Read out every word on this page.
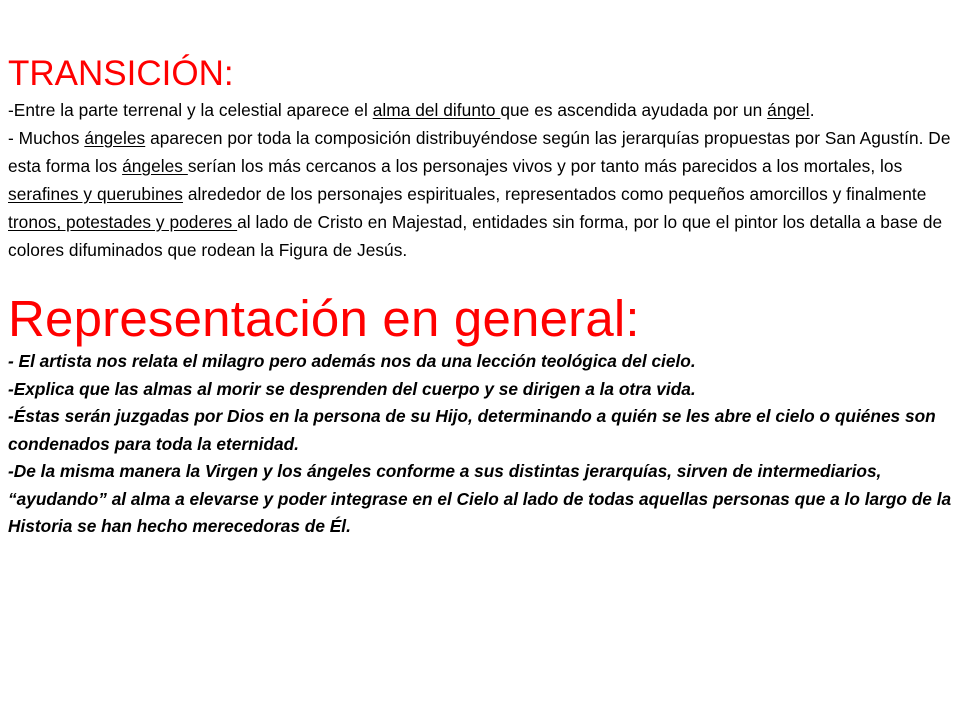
TRANSICIÓN:

-Entre la parte terrenal y la celestial aparece el alma del difunto que es ascendida ayudada por un ángel.

- Muchos ángeles aparecen por toda la composición distribuyéndose según las jerarquías propuestas por San Agustín. De esta forma los ángeles serían los más cercanos a los personajes vivos y por tanto más parecidos a los mortales, los serafines y querubines alrededor de los personajes espirituales, representados como pequeños amorcillos y finalmente tronos, potestades y poderes al lado de Cristo en Majestad, entidades sin forma, por lo que el pintor los detalla a base de colores difuminados que rodean la Figura de Jesús.

Representación en general:

- El artista nos relata el milagro pero además nos da una lección teológica del cielo.

-Explica que las almas al morir se desprenden del cuerpo y se dirigen a la otra vida.

-Éstas serán juzgadas por Dios en la persona de su Hijo, determinando a quién se les abre el cielo o quiénes son condenados para toda la eternidad.

-De la misma manera la Virgen y los ángeles conforme a sus distintas jerarquías, sirven de intermediarios, “ayudando” al alma a elevarse y poder integrase en el Cielo al lado de todas aquellas personas que a lo largo de la Historia se han hecho merecedoras de Él.
